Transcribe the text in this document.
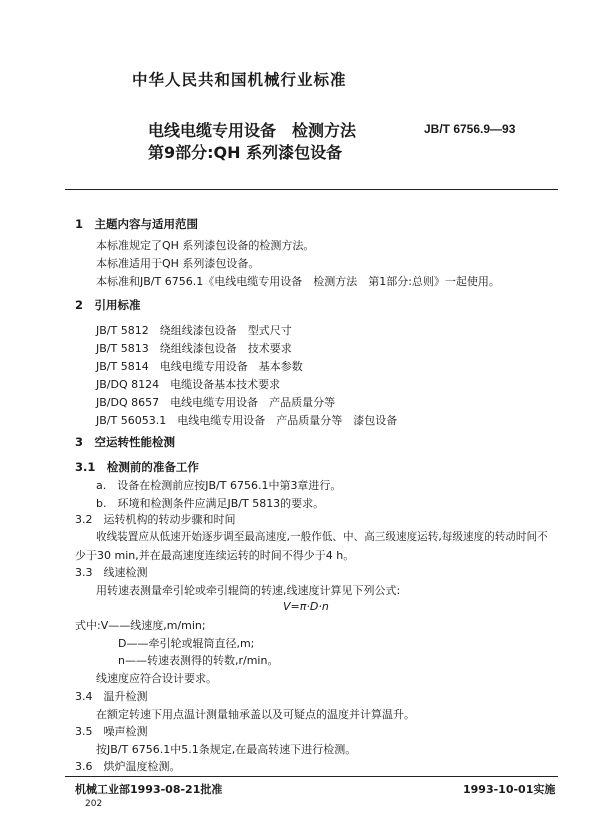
中华人民共和国机械行业标准
电线电缆专用设备　检测方法
第9部分:QH 系列漆包设备
JB/T 6756.9—93
1　主题内容与适用范围
本标准规定了QH 系列漆包设备的检测方法。
本标准适用于QH 系列漆包设备。
本标准和JB/T 6756.1《电线电缆专用设备　检测方法　第1部分:总则》一起使用。
2　引用标准
JB/T 5812　绕组线漆包设备　型式尺寸
JB/T 5813　绕组线漆包设备　技术要求
JB/T 5814　电线电缆专用设备　基本参数
JB/DQ 8124　电缆设备基本技术要求
JB/DQ 8657　电线电缆专用设备　产品质量分等
JB/T 56053.1　电线电缆专用设备　产品质量分等　漆包设备
3　空运转性能检测
3.1　检测前的准备工作
a.　设备在检测前应按JB/T 6756.1中第3章进行。
b.　环境和检测条件应满足JB/T 5813的要求。
3.2　运转机构的转动步骤和时间
收线装置应从低速开始逐步调至最高速度,一般作低、中、高三级速度运转,每级速度的转动时间不
少于30 min,并在最高速度连续运转的时间不得少于4 h。
3.3　线速检测
用转速表测量牵引轮或牵引辊筒的转速,线速度计算见下列公式:
V=π·D·n
式中:V——线速度,m/min;
D——牵引轮或辊筒直径,m;
n——转速表测得的转数,r/min。
线速度应符合设计要求。
3.4　温升检测
在额定转速下用点温计测量轴承盖以及可疑点的温度并计算温升。
3.5　噪声检测
按JB/T 6756.1中5.1条规定,在最高转速下进行检测。
3.6　烘炉温度检测。
机械工业部1993-08-21批准	1993-10-01实施
202
